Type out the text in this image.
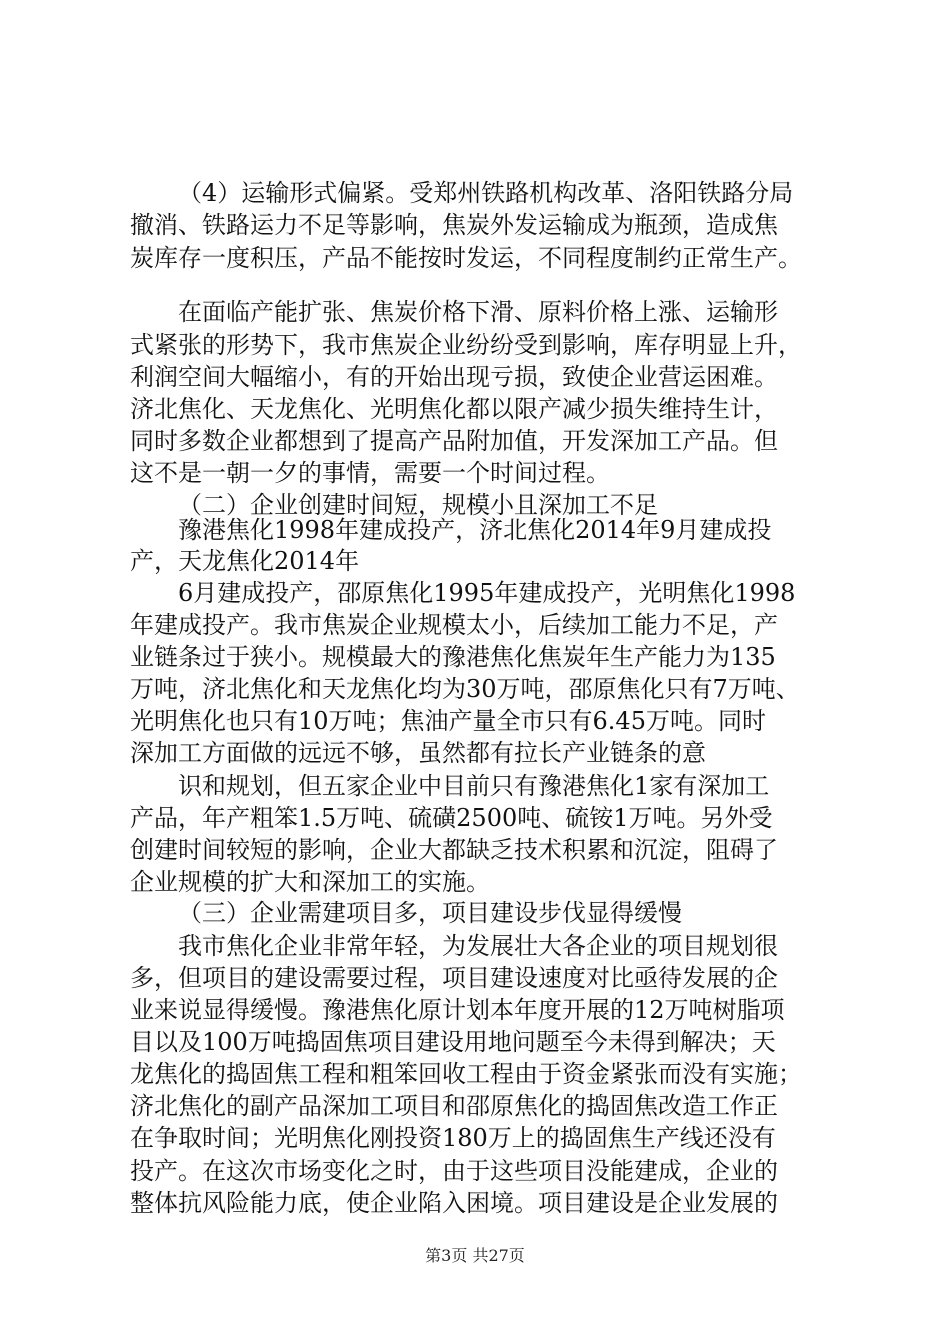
（4）运输形式偏紧。受郑州铁路机构改革、洛阳铁路分局
撤消、铁路运力不足等影响，焦炭外发运输成为瓶颈，造成焦
炭库存一度积压，产品不能按时发运，不同程度制约正常生产。
在面临产能扩张、焦炭价格下滑、原料价格上涨、运输形
式紧张的形势下，我市焦炭企业纷纷受到影响，库存明显上升，
利润空间大幅缩小，有的开始出现亏损，致使企业营运困难。
济北焦化、天龙焦化、光明焦化都以限产减少损失维持生计，
同时多数企业都想到了提高产品附加值，开发深加工产品。但
这不是一朝一夕的事情，需要一个时间过程。
（二）企业创建时间短，规模小且深加工不足
豫港焦化1998年建成投产，济北焦化2014年9月建成投
产，天龙焦化2014年
6月建成投产，邵原焦化1995年建成投产，光明焦化1998
年建成投产。我市焦炭企业规模太小，后续加工能力不足，产
业链条过于狭小。规模最大的豫港焦化焦炭年生产能力为135
万吨，济北焦化和天龙焦化均为30万吨，邵原焦化只有7万吨、
光明焦化也只有10万吨；焦油产量全市只有6.45万吨。同时
深加工方面做的远远不够，虽然都有拉长产业链条的意
识和规划，但五家企业中目前只有豫港焦化1家有深加工
产品，年产粗笨1.5万吨、硫磺2500吨、硫铵1万吨。另外受
创建时间较短的影响，企业大都缺乏技术积累和沉淀，阻碍了
企业规模的扩大和深加工的实施。
（三）企业需建项目多，项目建设步伐显得缓慢
我市焦化企业非常年轻，为发展壮大各企业的项目规划很
多，但项目的建设需要过程，项目建设速度对比亟待发展的企
业来说显得缓慢。豫港焦化原计划本年度开展的12万吨树脂项
目以及100万吨捣固焦项目建设用地问题至今未得到解决；天
龙焦化的捣固焦工程和粗笨回收工程由于资金紧张而没有实施；
济北焦化的副产品深加工项目和邵原焦化的捣固焦改造工作正
在争取时间；光明焦化刚投资180万上的捣固焦生产线还没有
投产。在这次市场变化之时，由于这些项目没能建成，企业的
整体抗风险能力底，使企业陷入困境。项目建设是企业发展的
第3页 共27页
